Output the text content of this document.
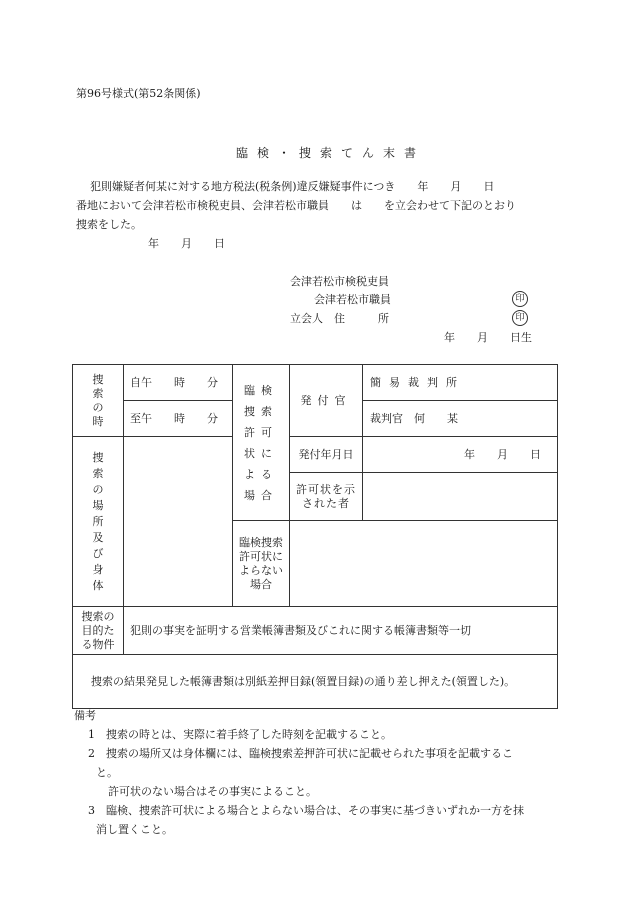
第96号様式(第52条関係)
臨検・捜索てん末書
犯則嫌疑者何某に対する地方税法(税条例)違反嫌疑事件につき　　年　　月　　日
番地において会津若松市検税吏員、会津若松市職員　　は　　を立会わせて下記のとおり
捜索をした。
年　　月　　日
会津若松市検税吏員
会津若松市職員
立会人　住　　　所
印
印
年　　月　　日生
捜索の時	自午　　時　　分	臨検捜索許可状による場合	発付官	簡易裁判所
	至午　　時　　分			裁判官　何　　某

捜索の場所及び身体			発付年月日	年　　月　　日

			許可状を示された者	

		臨検捜索許可状によらない場合		

捜索の目的たる物件	犯則の事実を証明する営業帳簿書類及びこれに関する帳簿書類等一切			
捜索の結果発見した帳簿書類は別紙差押目録(領置目録)の通り差し押えた(領置した)。				
備考
1　捜索の時とは、実際に着手終了した時刻を記載すること。
2　捜索の場所又は身体欄には、臨検捜索差押許可状に記載せられた事項を記載するこ
と。
許可状のない場合はその事実によること。
3　臨検、捜索許可状による場合とよらない場合は、その事実に基づきいずれか一方を抹
消し置くこと。
